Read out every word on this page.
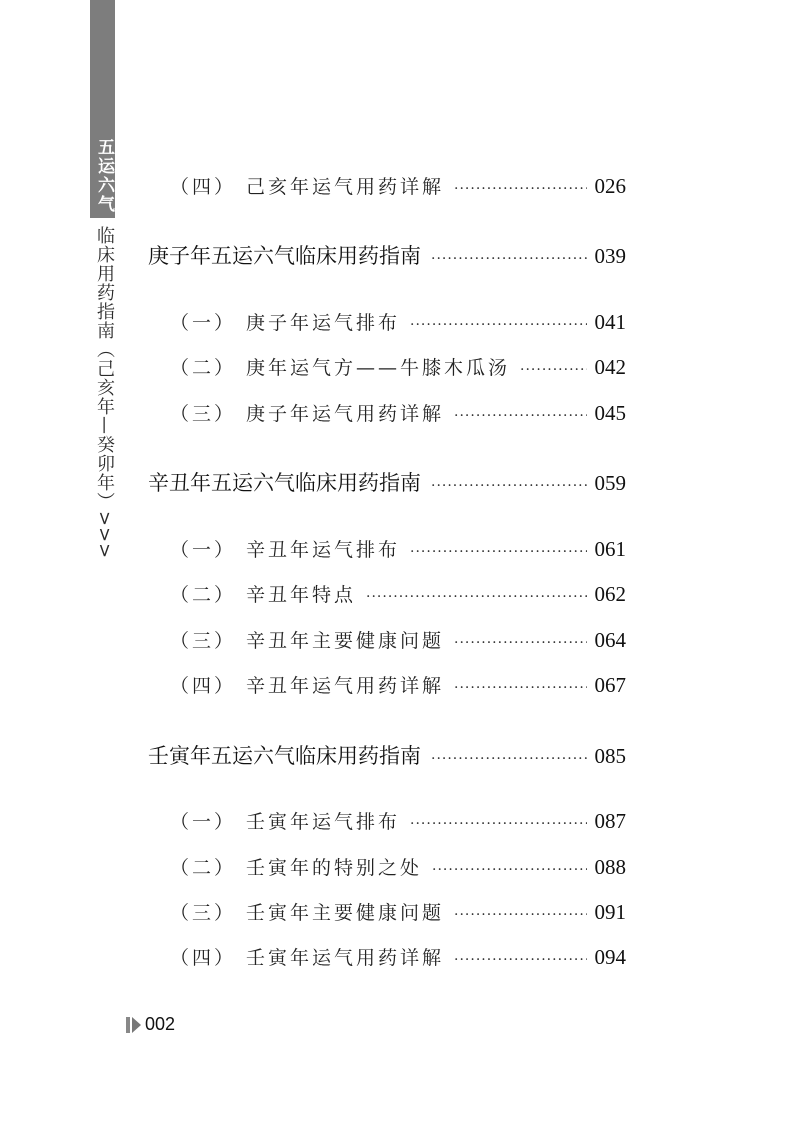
五运六气
临床用药指南（己亥年—癸卯年）>>>
（四） 己亥年运气用药详解 ·····	026
庚子年五运六气临床用药指南 ·····	039
（一） 庚子年运气排布 ·····	041
（二） 庚年运气方——牛膝木瓜汤 ·····	042
（三） 庚子年运气用药详解 ·····	045
辛丑年五运六气临床用药指南 ·····	059
（一） 辛丑年运气排布 ·····	061
（二） 辛丑年特点 ·····	062
（三） 辛丑年主要健康问题 ·····	064
（四） 辛丑年运气用药详解 ·····	067
壬寅年五运六气临床用药指南 ·····	085
（一） 壬寅年运气排布 ·····	087
（二） 壬寅年的特别之处 ·····	088
（三） 壬寅年主要健康问题 ·····	091
（四） 壬寅年运气用药详解 ·····	094
002
